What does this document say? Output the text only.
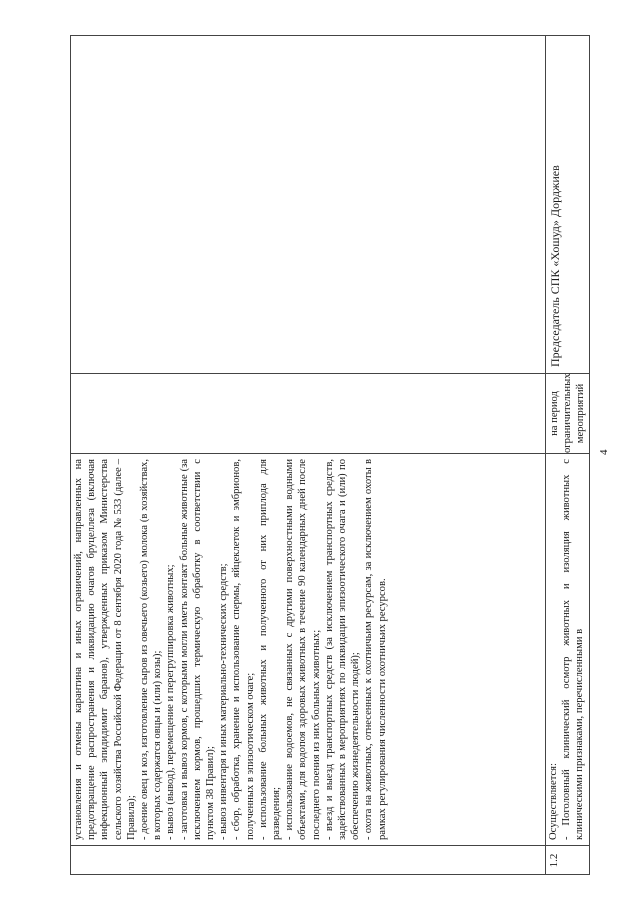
установления и отмены карантина и иных ограничений, направленных на предотвращение распространения и ликвидацию очагов бруцеллеза (включая инфекционный эпидидимит баранов), утвержденных приказом Министерства сельского хозяйства Российской Федерации от 8 сентября 2020 года № 533 (далее – Правила); - доение овец и коз, изготовление сыров из овечьего (козьего) молока (в хозяйствах, в которых содержатся овцы и (или) козы); - вывоз (вывод), перемещение и перегруппировка животных; - заготовка и вывоз кормов, с которыми могли иметь контакт больные животные (за исключением кормов, прошедших термическую обработку в соответствии с пунктом 38 Правил); - вывоз инвентаря и иных материально-технических средств; - сбор, обработка, хранение и использование спермы, яйцеклеток и эмбрионов, полученных в эпизоотическом очаге; - использование больных животных и полученного от них приплода для разведения; - использование водоемов, не связанных с другими поверхностными водными объектами, для водопоя здоровых животных в течение 90 календарных дней после последнего поения из них больных животных; - въезд и выезд транспортных средств (за исключением транспортных средств, задействованных в мероприятиях по ликвидации эпизоотического очага и (или) по обеспечению жизнедеятельности людей); - охота на животных, отнесенных к охотничьим ресурсам, за исключением охоты в рамках регулирования численности охотничьих ресурсов.

1.2

Осуществляется: - Поголовный клинический осмотр животных и изоляция животных с клиническими признаками, перечисленными в

на период ограничительных мероприятий
Председатель СПК «Хошуд» Дорджиев
4
